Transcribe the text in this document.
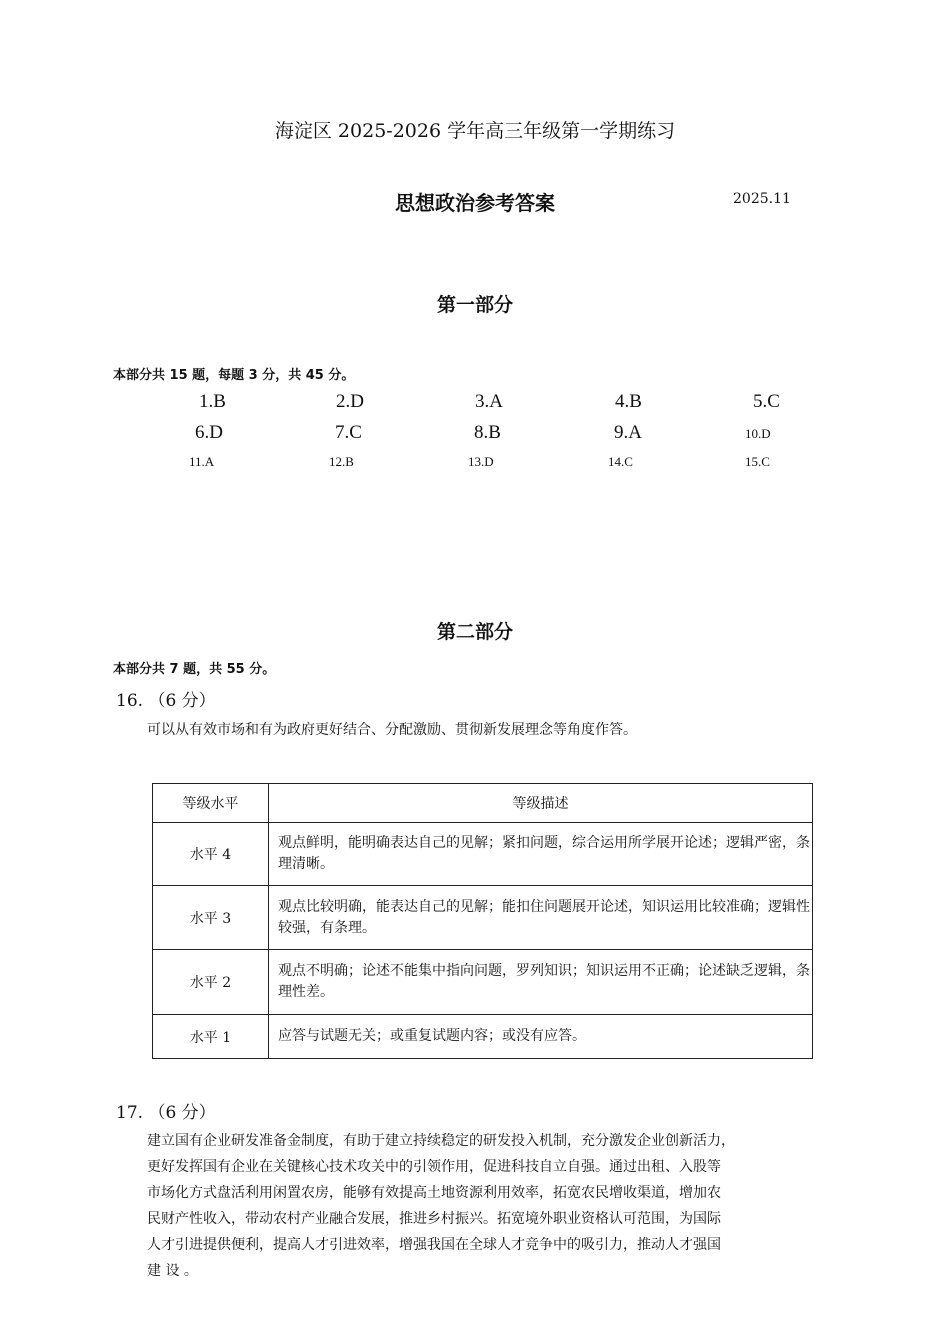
海淀区 2025-2026 学年高三年级第一学期练习
思想政治参考答案	2025.11
第一部分
本部分共 15 题，每题 3 分，共 45 分。
1.B	2.D	3.A	4.B	5.C
6.D	7.C	8.B	9.A	10.D
11.A	12.B	13.D	14.C	15.C
第二部分
本部分共 7 题，共 55 分。
16. （6 分）
可以从有效市场和有为政府更好结合、分配激励、贯彻新发展理念等角度作答。
等级水平	等级描述
水平 4	观点鲜明，能明确表达自己的见解；紧扣问题，综合运用所学展开论述；逻辑严密，条理清晰。
水平 3	观点比较明确，能表达自己的见解；能扣住问题展开论述，知识运用比较准确；逻辑性较强，有条理。
水平 2	观点不明确；论述不能集中指向问题，罗列知识；知识运用不正确；论述缺乏逻辑，条理性差。
水平 1	应答与试题无关；或重复试题内容；或没有应答。
17. （6 分）
建立国有企业研发准备金制度，有助于建立持续稳定的研发投入机制，充分激发企业创新活力，
更好发挥国有企业在关键核心技术攻关中的引领作用，促进科技自立自强。通过出租、入股等
市场化方式盘活利用闲置农房，能够有效提高土地资源利用效率，拓宽农民增收渠道，增加农
民财产性收入，带动农村产业融合发展，推进乡村振兴。拓宽境外职业资格认可范围，为国际
人才引进提供便利，提高人才引进效率，增强我国在全球人才竞争中的吸引力，推动人才强国
建 设 。
